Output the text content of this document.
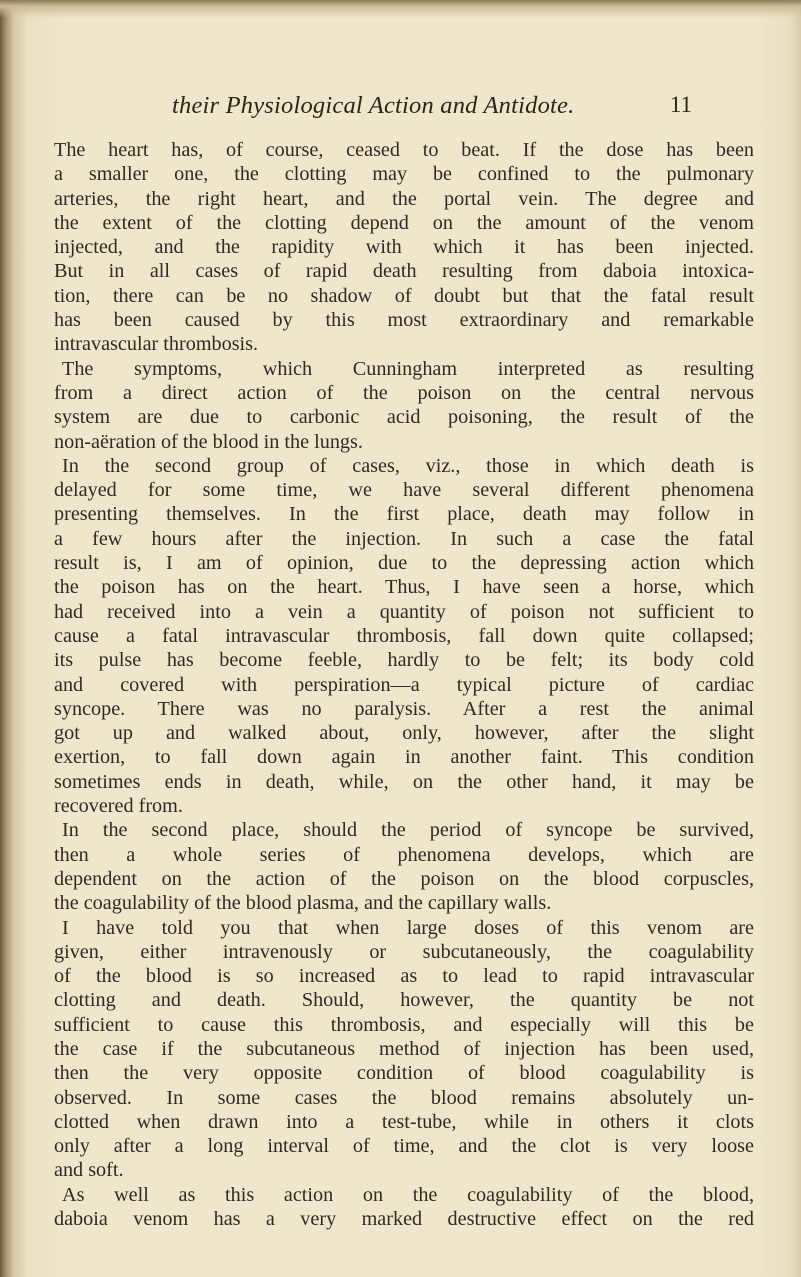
their Physiological Action and Antidote.	11
The heart has, of course, ceased to beat. If the dose has been
a smaller one, the clotting may be confined to the pulmonary
arteries, the right heart, and the portal vein. The degree and
the extent of the clotting depend on the amount of the venom
injected, and the rapidity with which it has been injected.
But in all cases of rapid death resulting from daboia intoxica-
tion, there can be no shadow of doubt but that the fatal result
has been caused by this most extraordinary and remarkable
intravascular thrombosis.
The symptoms, which Cunningham interpreted as resulting
from a direct action of the poison on the central nervous
system are due to carbonic acid poisoning, the result of the
non-aëration of the blood in the lungs.
In the second group of cases, viz., those in which death is
delayed for some time, we have several different phenomena
presenting themselves. In the first place, death may follow in
a few hours after the injection. In such a case the fatal
result is, I am of opinion, due to the depressing action which
the poison has on the heart. Thus, I have seen a horse, which
had received into a vein a quantity of poison not sufficient to
cause a fatal intravascular thrombosis, fall down quite collapsed;
its pulse has become feeble, hardly to be felt; its body cold
and covered with perspiration—a typical picture of cardiac
syncope. There was no paralysis. After a rest the animal
got up and walked about, only, however, after the slight
exertion, to fall down again in another faint. This condition
sometimes ends in death, while, on the other hand, it may be
recovered from.
In the second place, should the period of syncope be survived,
then a whole series of phenomena develops, which are
dependent on the action of the poison on the blood corpuscles,
the coagulability of the blood plasma, and the capillary walls.
I have told you that when large doses of this venom are
given, either intravenously or subcutaneously, the coagulability
of the blood is so increased as to lead to rapid intravascular
clotting and death. Should, however, the quantity be not
sufficient to cause this thrombosis, and especially will this be
the case if the subcutaneous method of injection has been used,
then the very opposite condition of blood coagulability is
observed. In some cases the blood remains absolutely un-
clotted when drawn into a test-tube, while in others it clots
only after a long interval of time, and the clot is very loose
and soft.
As well as this action on the coagulability of the blood,
daboia venom has a very marked destructive effect on the red
